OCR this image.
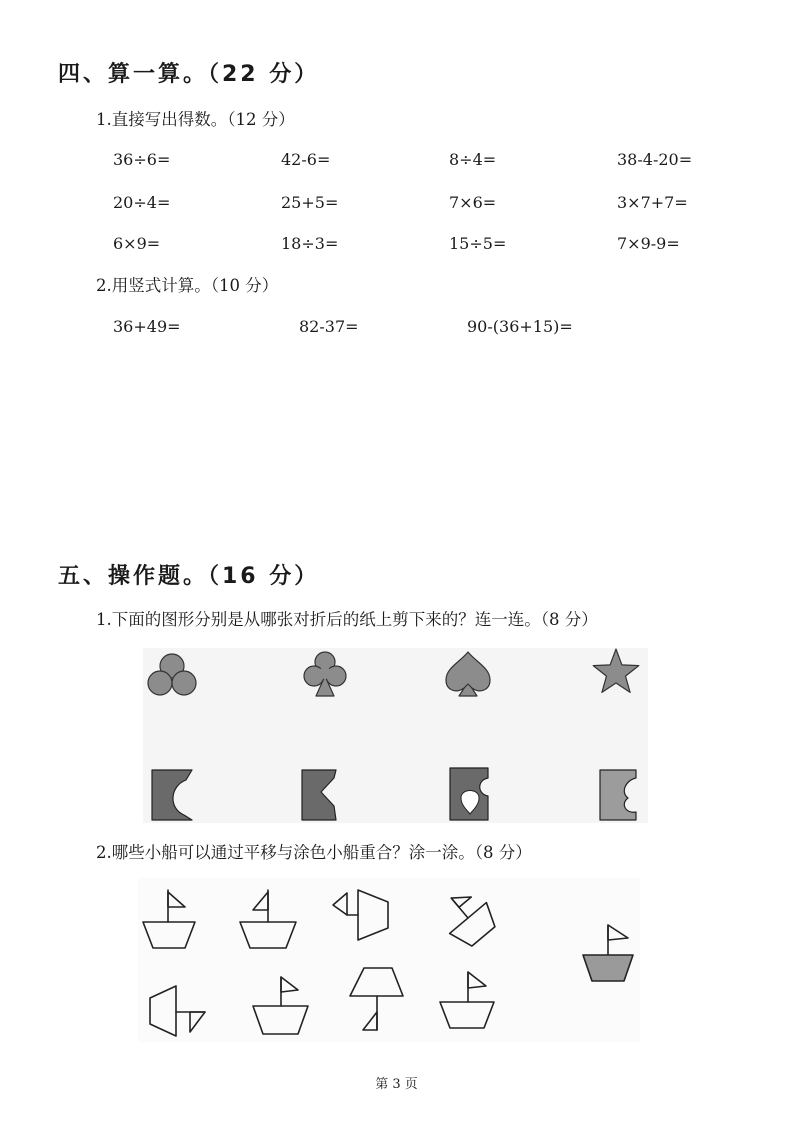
四、算一算。（22 分）
1.直接写出得数。（12 分）
36÷6=	42-6=	8÷4=	38-4-20=
20÷4=	25+5=	7×6=	3×7+7=
6×9=	18÷3=	15÷5=	7×9-9=
2.用竖式计算。（10 分）
36+49=	82-37=	90-(36+15)=
五、操作题。（16 分）
1.下面的图形分别是从哪张对折后的纸上剪下来的？连一连。（8 分）
2.哪些小船可以通过平移与涂色小船重合？涂一涂。（8 分）
第 3 页
